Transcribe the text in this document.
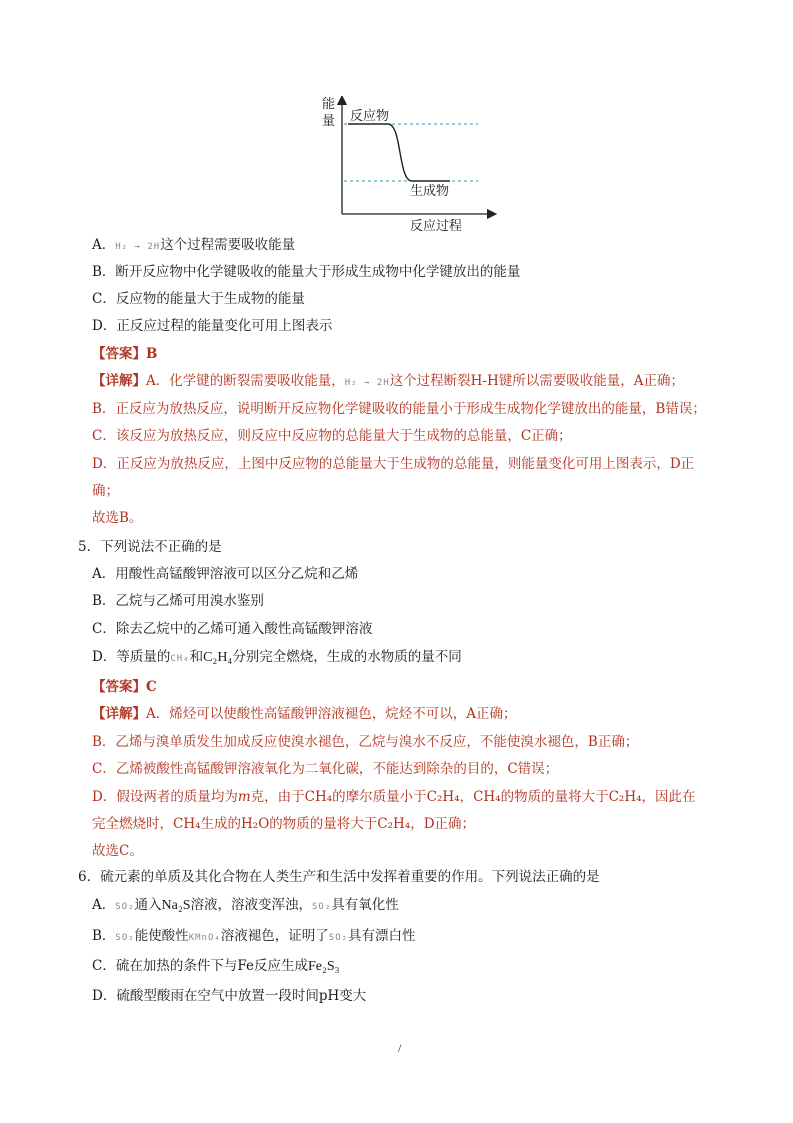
能
量 反应物
生成物
反应过程
A．H₂ → 2H这个过程需要吸收能量
B．断开反应物中化学键吸收的能量大于形成生成物中化学键放出的能量
C．反应物的能量大于生成物的能量
D．正反应过程的能量变化可用上图表示
【答案】B
【详解】A．化学键的断裂需要吸收能量，H₂ → 2H这个过程断裂H-H键所以需要吸收能量，A正确；
B．正反应为放热反应，说明断开反应物化学键吸收的能量小于形成生成物化学键放出的能量，B错误；
C．该反应为放热反应，则反应中反应物的总能量大于生成物的总能量，C正确；
D．正反应为放热反应，上图中反应物的总能量大于生成物的总能量，则能量变化可用上图表示，D正
确；
故选B。
5．下列说法不正确的是
A．用酸性高锰酸钾溶液可以区分乙烷和乙烯
B．乙烷与乙烯可用溴水鉴别
C．除去乙烷中的乙烯可通入酸性高锰酸钾溶液
D．等质量的CH₄和C₂H₄分别完全燃烧，生成的水物质的量不同
【答案】C
【详解】A．烯烃可以使酸性高锰酸钾溶液褪色，烷烃不可以，A正确；
B．乙烯与溴单质发生加成反应使溴水褪色，乙烷与溴水不反应，不能使溴水褪色，B正确；
C．乙烯被酸性高锰酸钾溶液氧化为二氧化碳，不能达到除杂的目的，C错误；
D．假设两者的质量均为m克，由于CH₄的摩尔质量小于C₂H₄，CH₄的物质的量将大于C₂H₄，因此在
完全燃烧时，CH₄生成的H₂O的物质的量将大于C₂H₄，D正确；
故选C。
6．硫元素的单质及其化合物在人类生产和生活中发挥着重要的作用。下列说法正确的是
A．SO₂通入Na₂S溶液，溶液变浑浊，SO₂具有氧化性
B．SO₂能使酸性KMnO₄溶液褪色，证明了SO₂具有漂白性
C．硫在加热的条件下与Fe反应生成Fe₂S₃
D．硫酸型酸雨在空气中放置一段时间pH变大
/
